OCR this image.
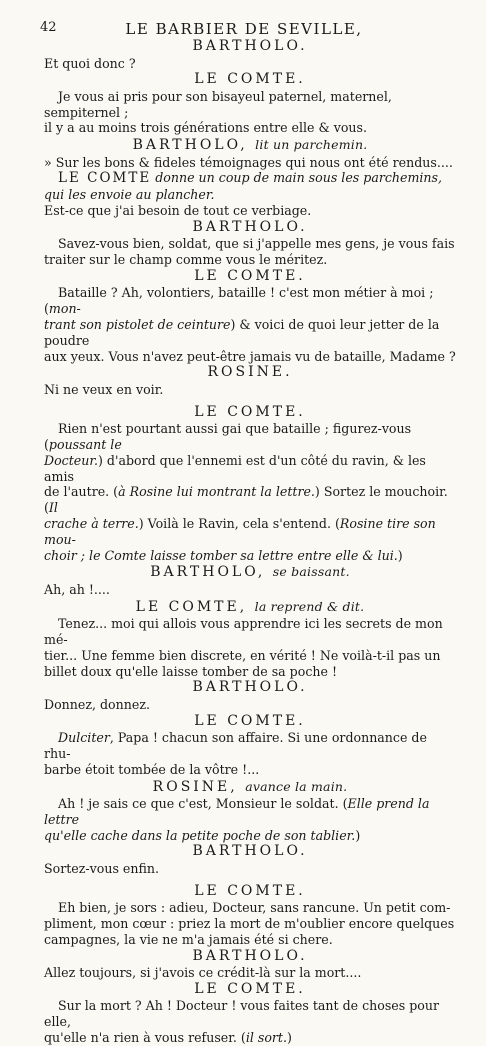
42	LE BARBIER DE SEVILLE,
BARTHOLO.
Et quoi donc ?
LE COMTE.
Je vous ai pris pour son bisayeul paternel, maternel, sempiternel ;
il y a au moins trois générations entre elle & vous.
BARTHOLO, lit un parchemin.
» Sur les bons & fideles témoignages qui nous ont été rendus....
LE COMTE donne un coup de main sous les parchemins, qui les envoie au plancher.
Est-ce que j'ai besoin de tout ce verbiage.
BARTHOLO.
Savez-vous bien, soldat, que si j'appelle mes gens, je vous fais
traiter sur le champ comme vous le méritez.
LE COMTE.
Bataille ? Ah, volontiers, bataille ! c'est mon métier à moi ; (mon-
trant son pistolet de ceinture) & voici de quoi leur jetter de la poudre
aux yeux. Vous n'avez peut-être jamais vu de bataille, Madame ?
ROSINE.
Ni ne veux en voir.
LE COMTE.
Rien n'est pourtant aussi gai que bataille ; figurez-vous (poussant le
Docteur.) d'abord que l'ennemi est d'un côté du ravin, & les amis
de l'autre. (à Rosine lui montrant la lettre.) Sortez le mouchoir. (Il
crache à terre.) Voilà le Ravin, cela s'entend. (Rosine tire son mou-
choir ; le Comte laisse tomber sa lettre entre elle & lui.)
BARTHOLO, se baissant.
Ah, ah !....
LE COMTE, la reprend & dit.
Tenez... moi qui allois vous apprendre ici les secrets de mon mé-
tier... Une femme bien discrete, en vérité ! Ne voilà-t-il pas un
billet doux qu'elle laisse tomber de sa poche !
BARTHOLO.
Donnez, donnez.
LE COMTE.
Dulciter, Papa ! chacun son affaire. Si une ordonnance de rhu-
barbe étoit tombée de la vôtre !...
ROSINE, avance la main.
Ah ! je sais ce que c'est, Monsieur le soldat. (Elle prend la lettre
qu'elle cache dans la petite poche de son tablier.)
BARTHOLO.
Sortez-vous enfin.
LE COMTE.
Eh bien, je sors : adieu, Docteur, sans rancune. Un petit com-
pliment, mon cœur : priez la mort de m'oublier encore quelques
campagnes, la vie ne m'a jamais été si chere.
BARTHOLO.
Allez toujours, si j'avois ce crédit-là sur la mort....
LE COMTE.
Sur la mort ? Ah ! Docteur ! vous faites tant de choses pour elle,
qu'elle n'a rien à vous refuser. (il sort.)
